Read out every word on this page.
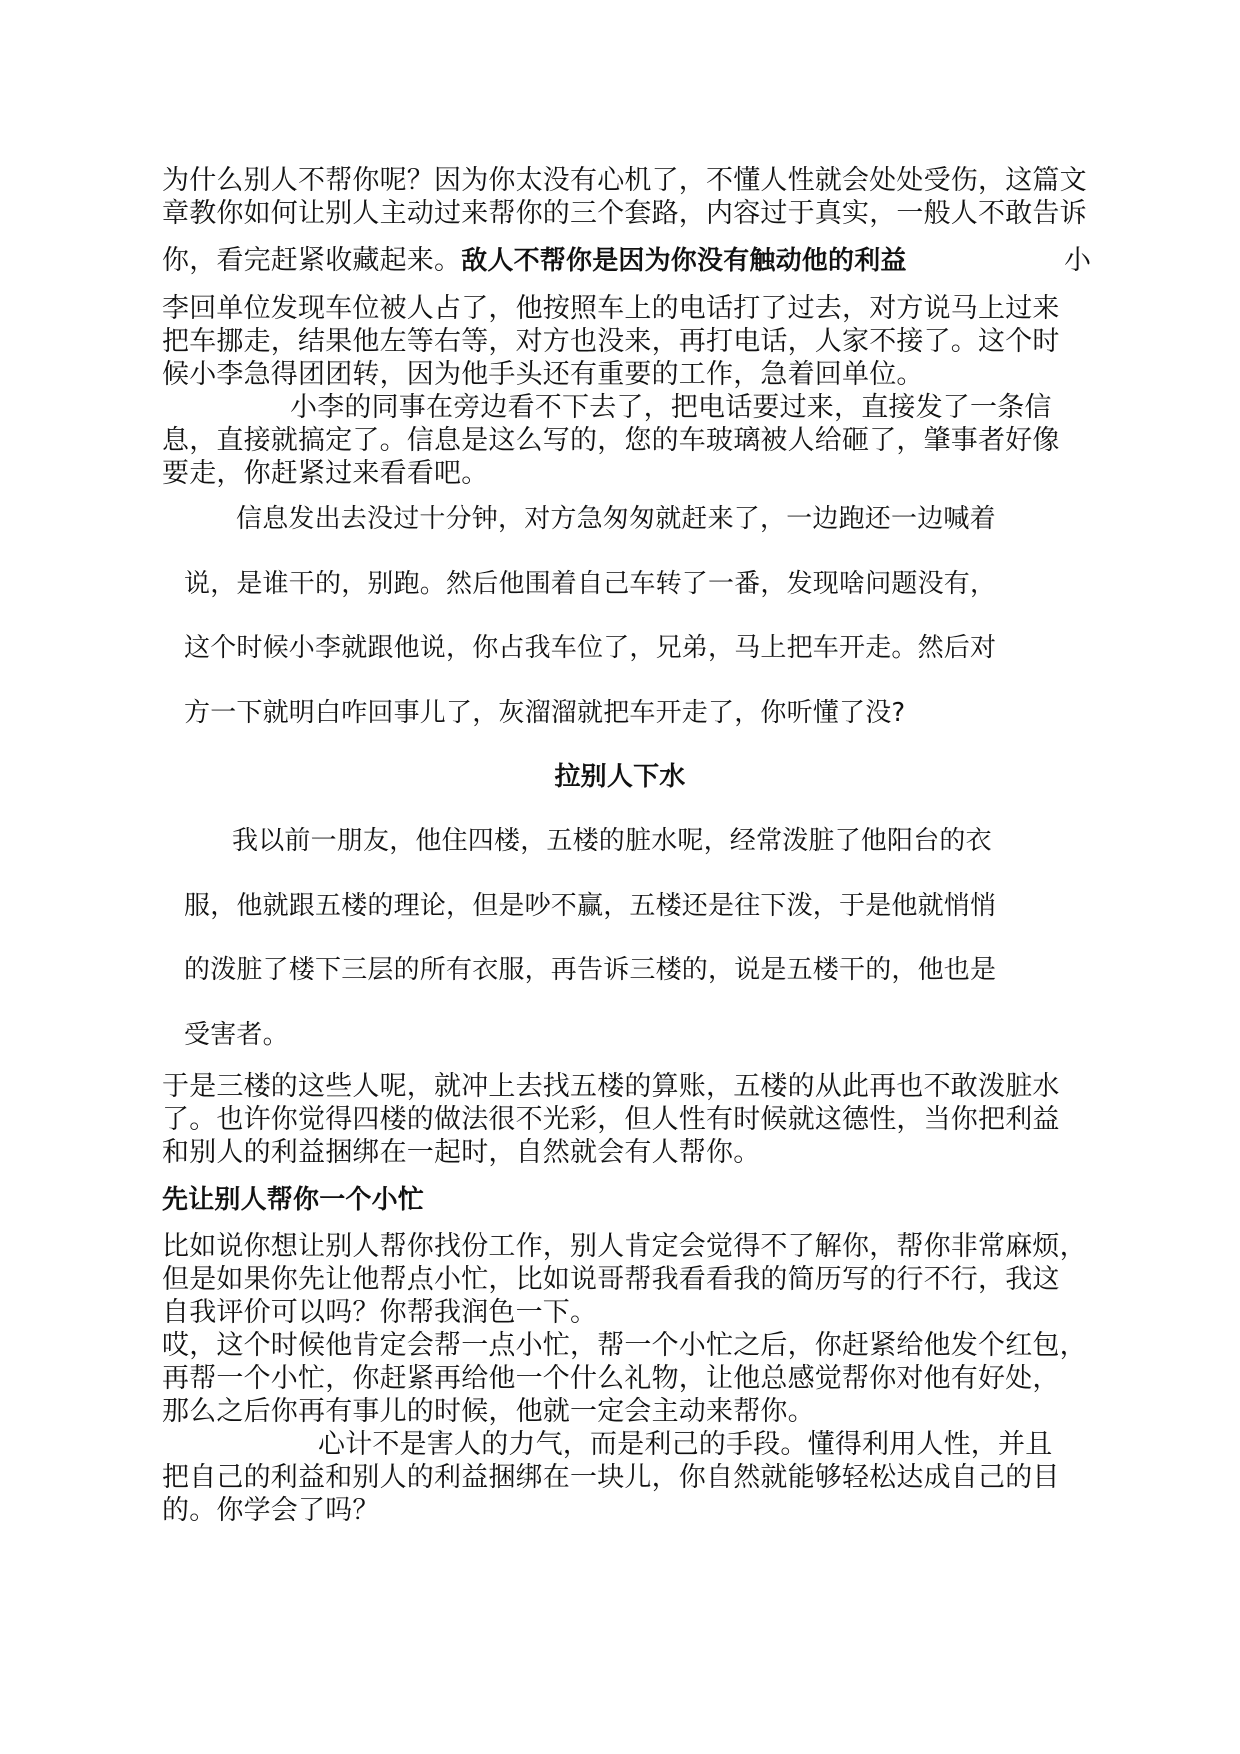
为什么别人不帮你呢？因为你太没有心机了，不懂人性就会处处受伤，这篇文
章教你如何让别人主动过来帮你的三个套路，内容过于真实，一般人不敢告诉
你，看完赶紧收藏起来。敌人不帮你是因为你没有触动他的利益	小
李回单位发现车位被人占了，他按照车上的电话打了过去，对方说马上过来
把车挪走，结果他左等右等，对方也没来，再打电话，人家不接了。这个时
候小李急得团团转，因为他手头还有重要的工作，急着回单位。
小李的同事在旁边看不下去了，把电话要过来，直接发了一条信
息，直接就搞定了。信息是这么写的，您的车玻璃被人给砸了，肇事者好像
要走，你赶紧过来看看吧。
信息发出去没过十分钟，对方急匆匆就赶来了，一边跑还一边喊着
说，是谁干的，别跑。然后他围着自己车转了一番，发现啥问题没有，
这个时候小李就跟他说，你占我车位了，兄弟，马上把车开走。然后对
方一下就明白咋回事儿了，灰溜溜就把车开走了，你听懂了没?
拉别人下水
我以前一朋友，他住四楼，五楼的脏水呢，经常泼脏了他阳台的衣
服，他就跟五楼的理论，但是吵不赢，五楼还是往下泼，于是他就悄悄
的泼脏了楼下三层的所有衣服，再告诉三楼的，说是五楼干的，他也是
受害者。
于是三楼的这些人呢，就冲上去找五楼的算账，五楼的从此再也不敢泼脏水
了。也许你觉得四楼的做法很不光彩，但人性有时候就这德性，当你把利益
和别人的利益捆绑在一起时，自然就会有人帮你。
先让别人帮你一个小忙
比如说你想让别人帮你找份工作，别人肯定会觉得不了解你，帮你非常麻烦，
但是如果你先让他帮点小忙，比如说哥帮我看看我的简历写的行不行，我这
自我评价可以吗？你帮我润色一下。
哎，这个时候他肯定会帮一点小忙，帮一个小忙之后，你赶紧给他发个红包，
再帮一个小忙，你赶紧再给他一个什么礼物，让他总感觉帮你对他有好处，
那么之后你再有事儿的时候，他就一定会主动来帮你。
心计不是害人的力气，而是利己的手段。懂得利用人性，并且
把自己的利益和别人的利益捆绑在一块儿，你自然就能够轻松达成自己的目
的。你学会了吗？
